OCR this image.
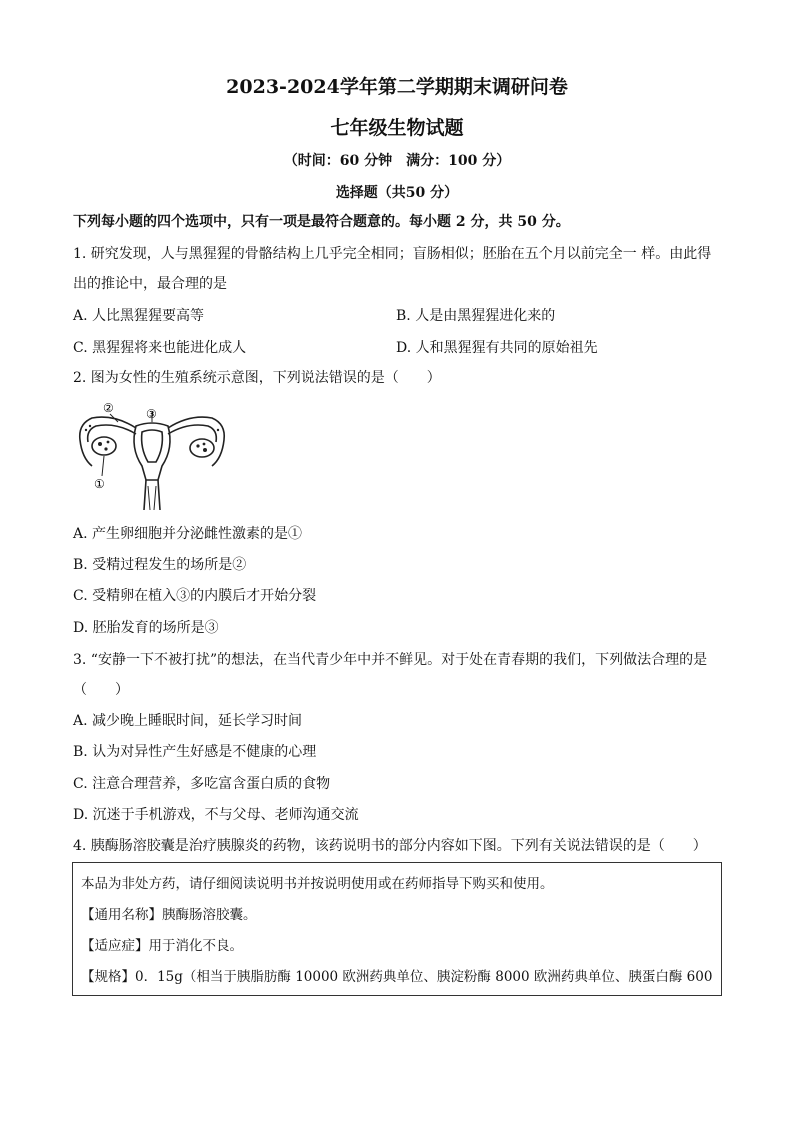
2023-2024学年第二学期期末调研问卷
七年级生物试题
（时间：60 分钟　满分：100 分）
选择题（共50 分）
下列每小题的四个选项中，只有一项是最符合题意的。每小题 2 分，共 50 分。
1. 研究发现，人与黑猩猩的骨骼结构上几乎完全相同；盲肠相似；胚胎在五个月以前完全一 样。由此得
出的推论中，最合理的是
A. 人比黑猩猩要高等	B. 人是由黑猩猩进化来的
C. 黑猩猩将来也能进化成人	D. 人和黑猩猩有共同的原始祖先
2. 图为女性的生殖系统示意图，下列说法错误的是（　　）
②	③
①
A. 产生卵细胞并分泌雌性激素的是①
B. 受精过程发生的场所是②
C. 受精卵在植入③的内膜后才开始分裂
D. 胚胎发育的场所是③
3. “安静一下不被打扰”的想法，在当代青少年中并不鲜见。对于处在青春期的我们，下列做法合理的是
（　　）
A. 减少晚上睡眠时间，延长学习时间
B. 认为对异性产生好感是不健康的心理
C. 注意合理营养，多吃富含蛋白质的食物
D. 沉迷于手机游戏，不与父母、老师沟通交流
4. 胰酶肠溶胶囊是治疗胰腺炎的药物，该药说明书的部分内容如下图。下列有关说法错误的是（　　）
本品为非处方药，请仔细阅读说明书并按说明使用或在药师指导下购买和使用。
【通用名称】胰酶肠溶胶囊。
【适应症】用于消化不良。
【规格】0．15g（相当于胰脂肪酶 10000 欧洲药典单位、胰淀粉酶 8000 欧洲药典单位、胰蛋白酶 600
